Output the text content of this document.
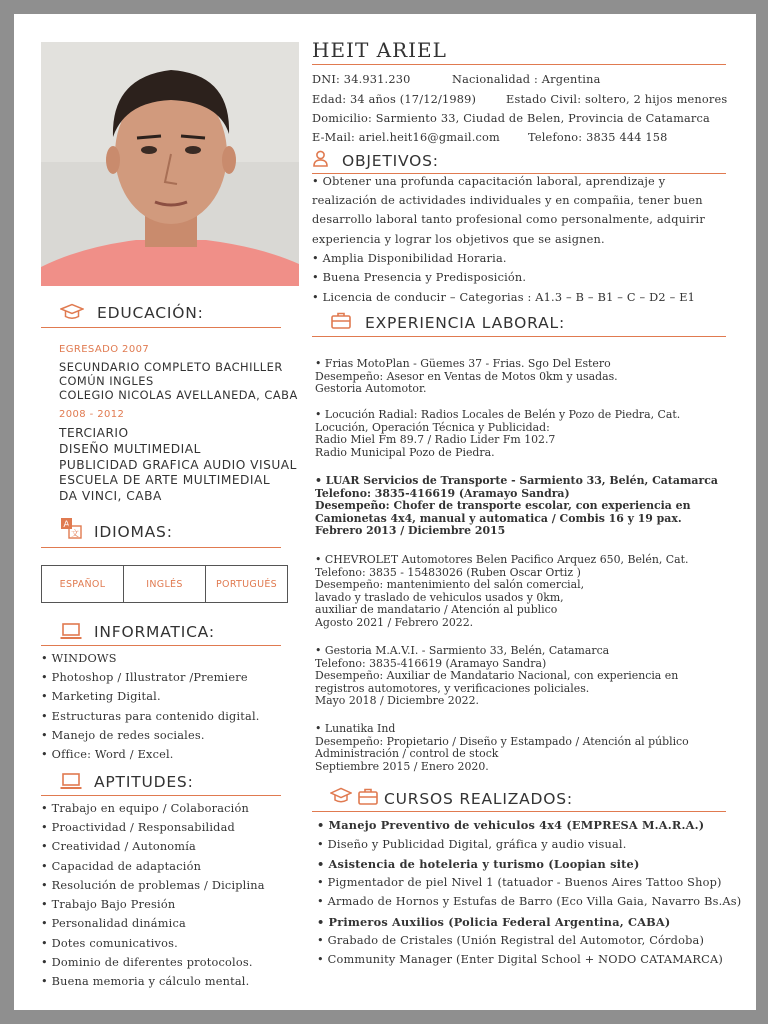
HEIT ARIEL
DNI: 34.931.230	Nacionalidad : Argentina
Edad: 34 años (17/12/1989)	Estado Civil: soltero, 2 hijos menores
Domicilio: Sarmiento 33, Ciudad de Belen, Provincia de Catamarca
E-Mail: ariel.heit16@gmail.com Telefono: 3835 444 158
OBJETIVOS:
• Obtener una profunda capacitación laboral, aprendizaje y
realización de actividades individuales y en compañia, tener buen
desarrollo laboral tanto profesional como personalmente, adquirir
experiencia y lograr los objetivos que se asignen.
• Amplia Disponibilidad Horaria.
• Buena Presencia y Predisposición.
• Licencia de conducir – Categorias : A1.3 – B – B1 – C – D2 – E1
EXPERIENCIA LABORAL:
• Frias MotoPlan - Güemes 37 - Frias. Sgo Del Estero
Desempeño: Asesor en Ventas de Motos 0km y usadas.
Gestoria Automotor.
• Locución Radial: Radios Locales de Belén y Pozo de Piedra, Cat.
Locución, Operación Técnica y Publicidad:
Radio Miel Fm 89.7 / Radio Lider Fm 102.7
Radio Municipal Pozo de Piedra.
• LUAR Servicios de Transporte - Sarmiento 33, Belén, Catamarca
Telefono: 3835-416619 (Aramayo Sandra)
Desempeño: Chofer de transporte escolar, con experiencia en
Camionetas 4x4, manual y automatica / Combis 16 y 19 pax.
Febrero 2013 / Diciembre 2015
• CHEVROLET Automotores Belen Pacifico Arquez 650, Belén, Cat.
Telefono: 3835 - 15483026 (Ruben Oscar Ortiz )
Desempeño: mantenimiento del salón comercial,
lavado y traslado de vehiculos usados y 0km,
auxiliar de mandatario / Atención al publico
Agosto 2021 / Febrero 2022.
• Gestoria M.A.V.I. - Sarmiento 33, Belén, Catamarca
Telefono: 3835-416619 (Aramayo Sandra)
Desempeño: Auxiliar de Mandatario Nacional, con experiencia en
registros automotores, y verificaciones policiales.
Mayo 2018 / Diciembre 2022.
• Lunatika Ind
Desempeño: Propietario / Diseño y Estampado / Atención al público
Administración / control de stock
Septiembre 2015 / Enero 2020.
CURSOS REALIZADOS:
• Manejo Preventivo de vehiculos 4x4 (EMPRESA M.A.R.A.)
• Diseño y Publicidad Digital, gráfica y audio visual.
• Asistencia de hoteleria y turismo (Loopian site)
• Pigmentador de piel Nivel 1 (tatuador - Buenos Aires Tattoo Shop)
• Armado de Hornos y Estufas de Barro (Eco Villa Gaia, Navarro Bs.As)
• Primeros Auxilios (Policia Federal Argentina, CABA)
• Grabado de Cristales (Unión Registral del Automotor, Córdoba)
• Community Manager (Enter Digital School + NODO CATAMARCA)
EDUCACIÓN:
EGRESADO 2007
SECUNDARIO COMPLETO BACHILLER
COMÚN INGLES
COLEGIO NICOLAS AVELLANEDA, CABA
2008 - 2012
TERCIARIO
DISEÑO MULTIMEDIAL
PUBLICIDAD GRAFICA AUDIO VISUAL
ESCUELA DE ARTE MULTIMEDIAL
DA VINCI, CABA
A
文 IDIOMAS:
ESPAÑOL	INGLÉS	PORTUGUÉS
INFORMATICA:
• WINDOWS
• Photoshop / Illustrator /Premiere
• Marketing Digital.
• Estructuras para contenido digital.
• Manejo de redes sociales.
• Office: Word / Excel.
APTITUDES:
• Trabajo en equipo / Colaboración
• Proactividad / Responsabilidad
• Creatividad / Autonomía
• Capacidad de adaptación
• Resolución de problemas / Diciplina
• Trabajo Bajo Presión
• Personalidad dinámica
• Dotes comunicativos.
• Dominio de diferentes protocolos.
• Buena memoria y cálculo mental.
